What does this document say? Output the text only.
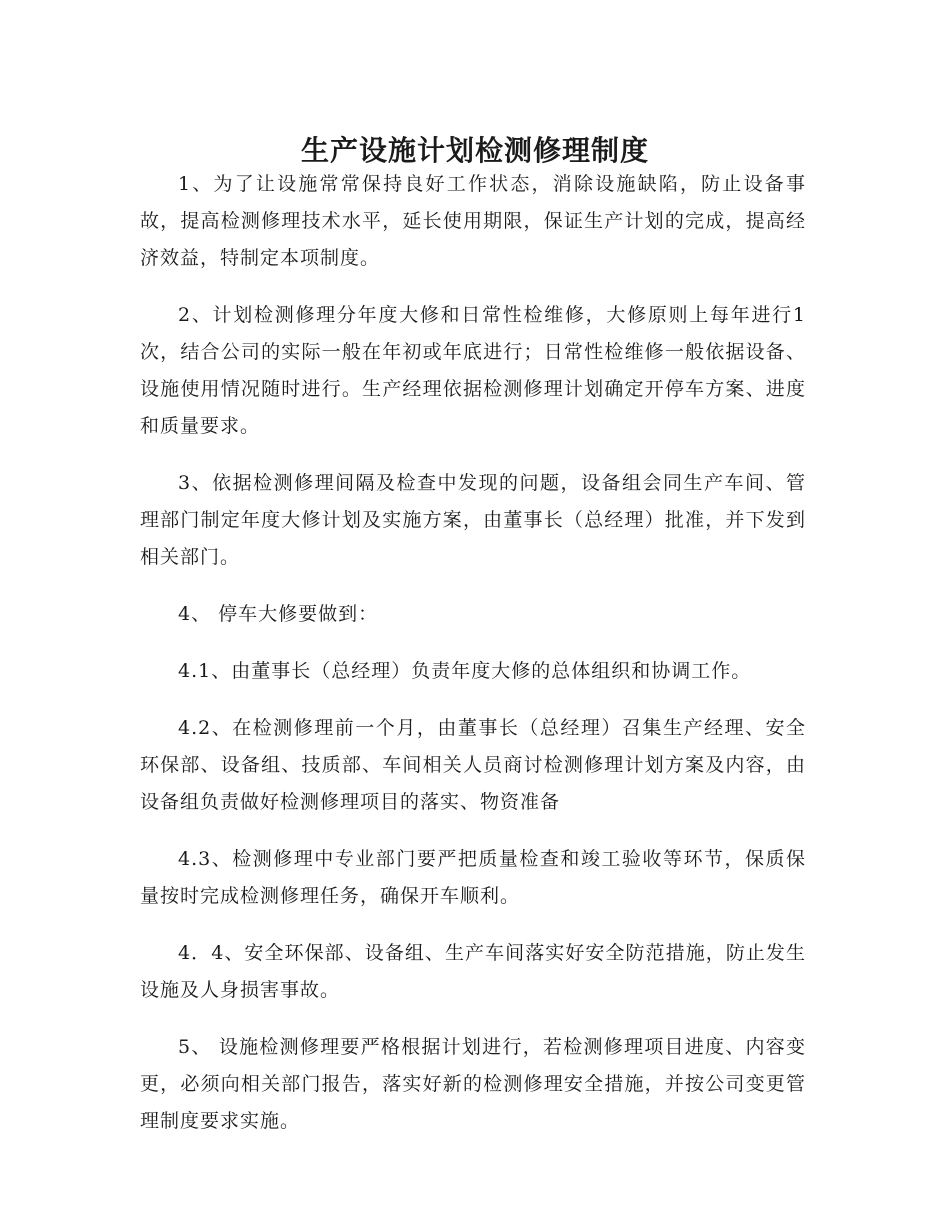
生产设施计划检测修理制度

1、为了让设施常常保持良好工作状态，消除设施缺陷，防止设备事故，提高检测修理技术水平，延长使用期限，保证生产计划的完成，提高经济效益，特制定本项制度。

2、计划检测修理分年度大修和日常性检维修，大修原则上每年进行1次，结合公司的实际一般在年初或年底进行；日常性检维修一般依据设备、设施使用情况随时进行。生产经理依据检测修理计划确定开停车方案、进度和质量要求。

3、依据检测修理间隔及检查中发现的问题，设备组会同生产车间、管理部门制定年度大修计划及实施方案，由董事长（总经理）批准，并下发到相关部门。

4、 停车大修要做到：

4.1、由董事长（总经理）负责年度大修的总体组织和协调工作。

4.2、在检测修理前一个月，由董事长（总经理）召集生产经理、安全环保部、设备组、技质部、车间相关人员商讨检测修理计划方案及内容，由设备组负责做好检测修理项目的落实、物资准备

4.3、检测修理中专业部门要严把质量检查和竣工验收等环节，保质保量按时完成检测修理任务，确保开车顺利。

4．4、安全环保部、设备组、生产车间落实好安全防范措施，防止发生设施及人身损害事故。

5、 设施检测修理要严格根据计划进行，若检测修理项目进度、内容变更，必须向相关部门报告，落实好新的检测修理安全措施，并按公司变更管理制度要求实施。
